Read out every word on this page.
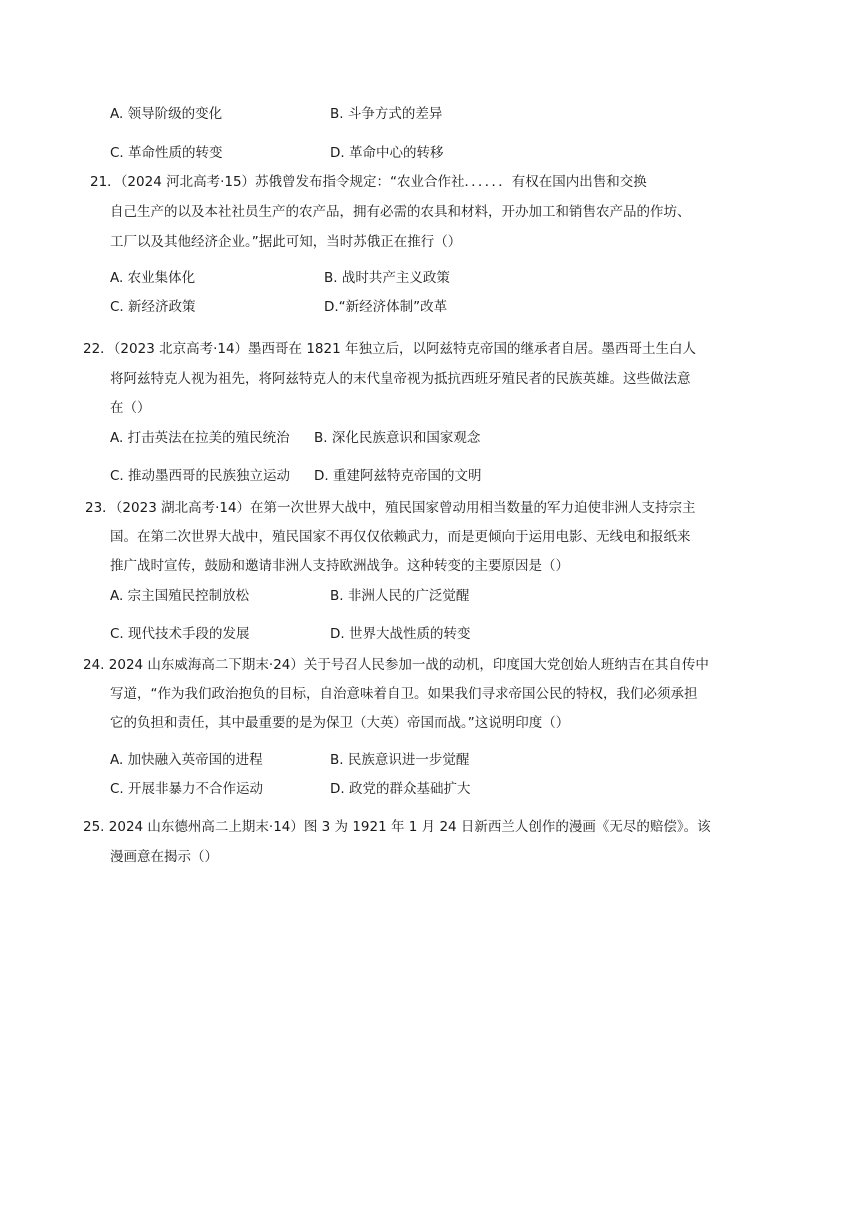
A. 领导阶级的变化	B. 斗争方式的差异
C. 革命性质的转变	D. 革命中心的转移
21．（2024 河北高考·15）苏俄曾发布指令规定：“农业合作社．．．．．．有权在国内出售和交换
自己生产的以及本社社员生产的农产品，拥有必需的农具和材料，开办加工和销售农产品的作坊、
工厂以及其他经济企业。”据此可知，当时苏俄正在推行（）
A. 农业集体化	B. 战时共产主义政策
C. 新经济政策	D.“新经济体制”改革
22．（2023 北京高考·14）墨西哥在 1821 年独立后，以阿兹特克帝国的继承者自居。墨西哥土生白人
将阿兹特克人视为祖先，将阿兹特克人的末代皇帝视为抵抗西班牙殖民者的民族英雄。这些做法意
在（）
A. 打击英法在拉美的殖民统治 B. 深化民族意识和国家观念
C. 推动墨西哥的民族独立运动 D. 重建阿兹特克帝国的文明
23．（2023 湖北高考·14）在第一次世界大战中，殖民国家曾动用相当数量的军力迫使非洲人支持宗主
国。在第二次世界大战中，殖民国家不再仅仅依赖武力，而是更倾向于运用电影、无线电和报纸来
推广战时宣传，鼓励和邀请非洲人支持欧洲战争。这种转变的主要原因是（）
A. 宗主国殖民控制放松	B. 非洲人民的广泛觉醒
C. 现代技术手段的发展	D. 世界大战性质的转变
24. 2024 山东威海高二下期末·24）关于号召人民参加一战的动机，印度国大党创始人班纳吉在其自传中
写道，“作为我们政治抱负的目标，自治意味着自卫。如果我们寻求帝国公民的特权，我们必须承担
它的负担和责任，其中最重要的是为保卫（大英）帝国而战。”这说明印度（）
A. 加快融入英帝国的进程	B. 民族意识进一步觉醒
C. 开展非暴力不合作运动	D. 政党的群众基础扩大
25. 2024 山东德州高二上期末·14）图 3 为 1921 年 1 月 24 日新西兰人创作的漫画《无尽的赔偿》。该
漫画意在揭示（）
